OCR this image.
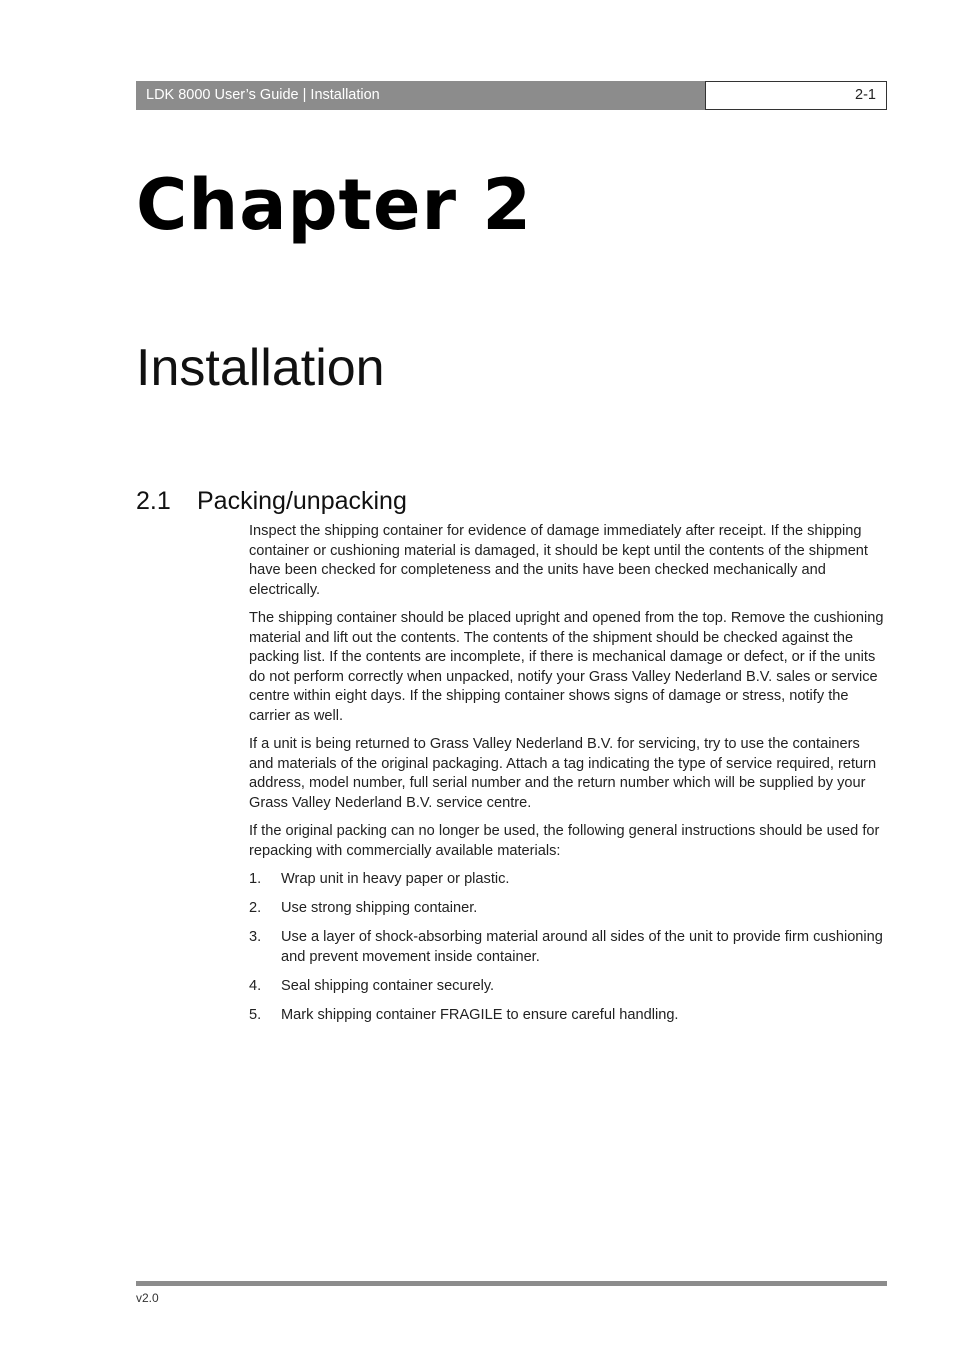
LDK 8000 User’s Guide | Installation	2-1
Chapter 2
Installation
2.1	Packing/unpacking

Inspect the shipping container for evidence of damage immediately after receipt. If the shipping container or cushioning material is damaged, it should be kept until the contents of the shipment have been checked for completeness and the units have been checked mechanically and electrically.

The shipping container should be placed upright and opened from the top. Remove the cushioning material and lift out the contents. The contents of the shipment should be checked against the packing list. If the contents are incomplete, if there is mechanical damage or defect, or if the units do not perform correctly when unpacked, notify your Grass Valley Nederland B.V. sales or service centre within eight days. If the shipping container shows signs of damage or stress, notify the carrier as well.

If a unit is being returned to Grass Valley Nederland B.V. for servicing, try to use the containers and materials of the original packaging. Attach a tag indicating the type of service required, return address, model number, full serial number and the return number which will be supplied by your Grass Valley Nederland B.V. service centre.

If the original packing can no longer be used, the following general instructions should be used for repacking with commercially available materials:

1.	Wrap unit in heavy paper or plastic.
2.	Use strong shipping container.
3.	Use a layer of shock-absorbing material around all sides of the unit to provide firm cushioning and prevent movement inside container.
4.	Seal shipping container securely.
5.	Mark shipping container FRAGILE to ensure careful handling.
v2.0
